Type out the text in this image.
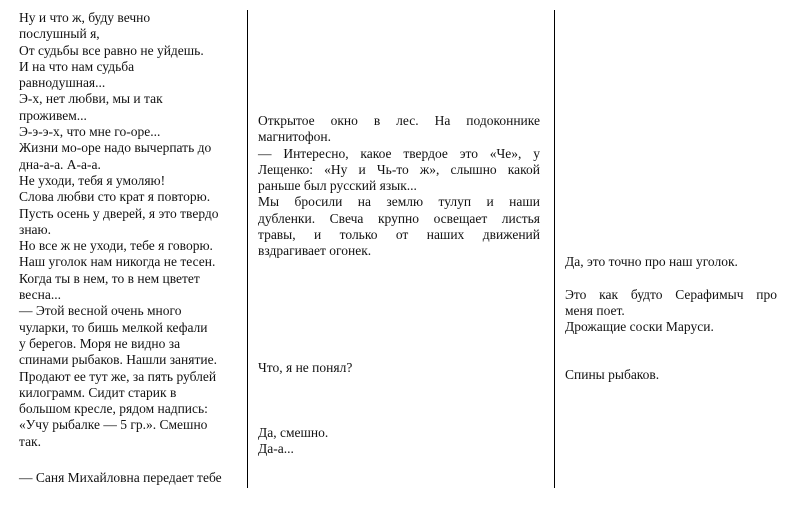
Ну и что ж, буду вечно
послушный я,
От судьбы все равно не уйдешь.
И на что нам судьба
равнодушная...
Э-х, нет любви, мы и так
проживем...
Э-э-э-х, что мне го-оре...
Жизни мо-оре надо вычерпать до
дна-а-а. А-а-а.
Не уходи, тебя я умоляю!
Слова любви сто крат я повторю.
Пусть осень у дверей, я это твердо
знаю.
Но все ж не уходи, тебе я говорю.
Наш уголок нам никогда не тесен.
Когда ты в нем, то в нем цветет
весна...
— Этой весной очень много
чуларки, то бишь мелкой кефали
у берегов. Моря не видно за
спинами рыбаков. Нашли занятие.
Продают ее тут же, за пять рублей
килограмм. Сидит старик в
большом кресле, рядом надпись:
«Учу рыбалке — 5 гр.». Смешно
так.
— Саня Михайловна передает тебе
Открытое окно в лес. На подоконнике
магнитофон.
— Интересно, какое твердое это «Че», у
Лещенко: «Ну и Чь-то ж», слышно какой
раньше был русский язык...
Мы бросили на землю тулуп и наши
дубленки. Свеча крупно освещает листья
травы, и только от наших движений
вздрагивает огонек.
Что, я не понял?
Да, смешно.
Да-а...
Да, это точно про наш уголок.
Это как будто Серафимыч про
меня поет.
Дрожащие соски Маруси.
Спины рыбаков.
